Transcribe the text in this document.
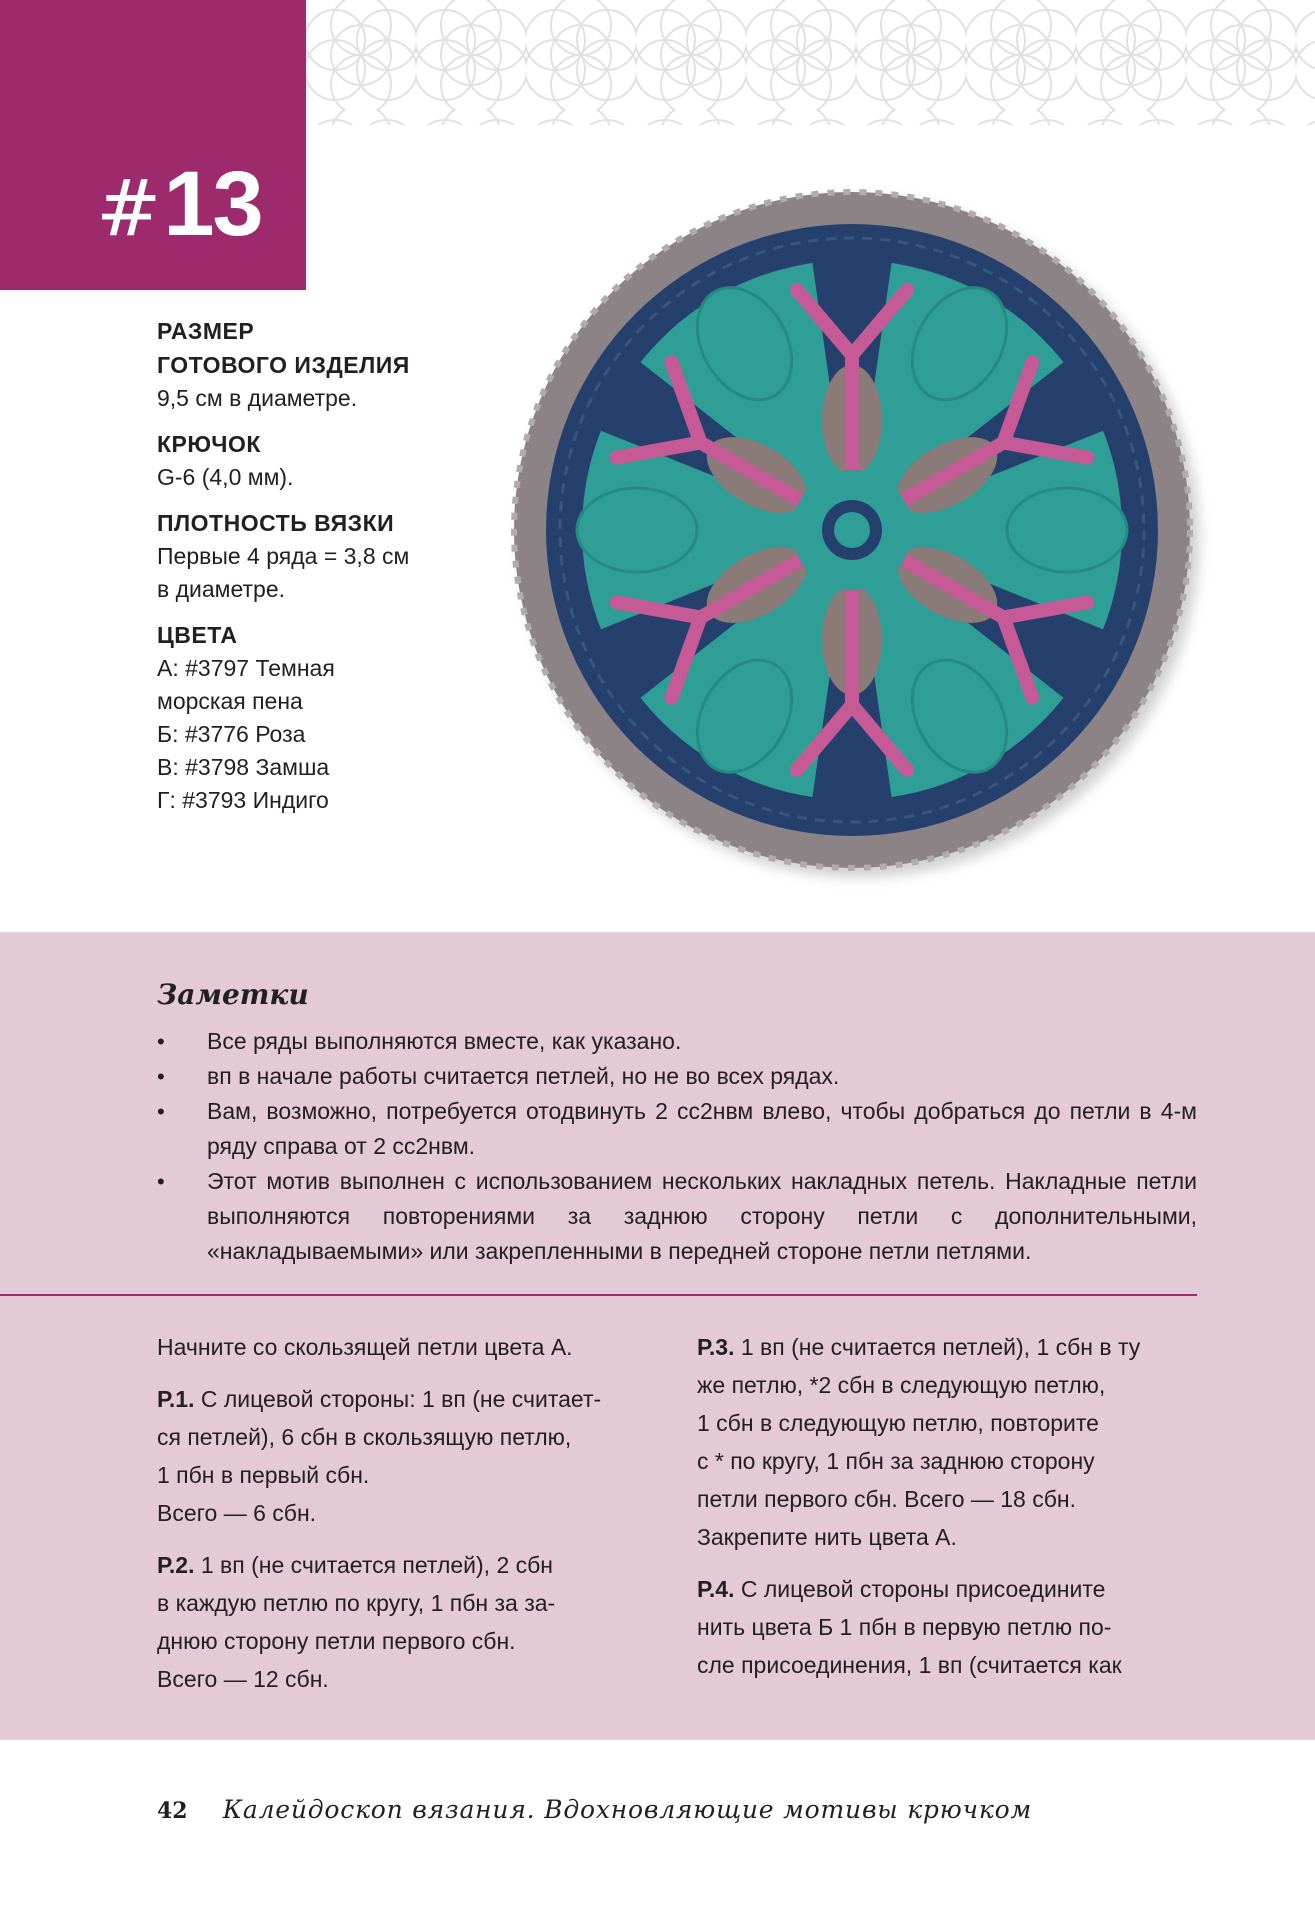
#13
РАЗМЕР
ГОТОВОГО ИЗДЕЛИЯ
9,5 см в диаметре.
КРЮЧОК
G-6 (4,0 мм).
ПЛОТНОСТЬ ВЯЗКИ
Первые 4 ряда = 3,8 см
в диаметре.
ЦВЕТА
А: #3797 Темная
морская пена
Б: #3776 Роза
В: #3798 Замша
Г: #3793 Индиго
Заметки
• Все ряды выполняются вместе, как указано.
• вп в начале работы считается петлей, но не во всех рядах.
• Вам, возможно, потребуется отодвинуть 2 сс2нвм влево, чтобы добраться до петли в 4-м ряду справа от 2 сс2нвм.
• Этот мотив выполнен с использованием нескольких накладных петель. Накладные петли выполняются повторениями за заднюю сторону петли с дополнительными, «накладываемыми» или закрепленными в передней стороне петли петлями.

Начните со скользящей петли цвета А.

Р.1. С лицевой стороны: 1 вп (не считает-
ся петлей), 6 сбн в скользящую петлю,
1 пбн в первый сбн.
Всего — 6 сбн.

Р.2. 1 вп (не считается петлей), 2 сбн
в каждую петлю по кругу, 1 пбн за за-
днюю сторону петли первого сбн.
Всего — 12 сбн.

Р.3. 1 вп (не считается петлей), 1 сбн в ту
же петлю, *2 сбн в следующую петлю,
1 сбн в следующую петлю, повторите
с * по кругу, 1 пбн за заднюю сторону
петли первого сбн. Всего — 18 сбн.
Закрепите нить цвета А.

Р.4. С лицевой стороны присоедините
нить цвета Б 1 пбн в первую петлю по-
сле присоединения, 1 вп (считается как

42 Калейдоскоп вязания. Вдохновляющие мотивы крючком
